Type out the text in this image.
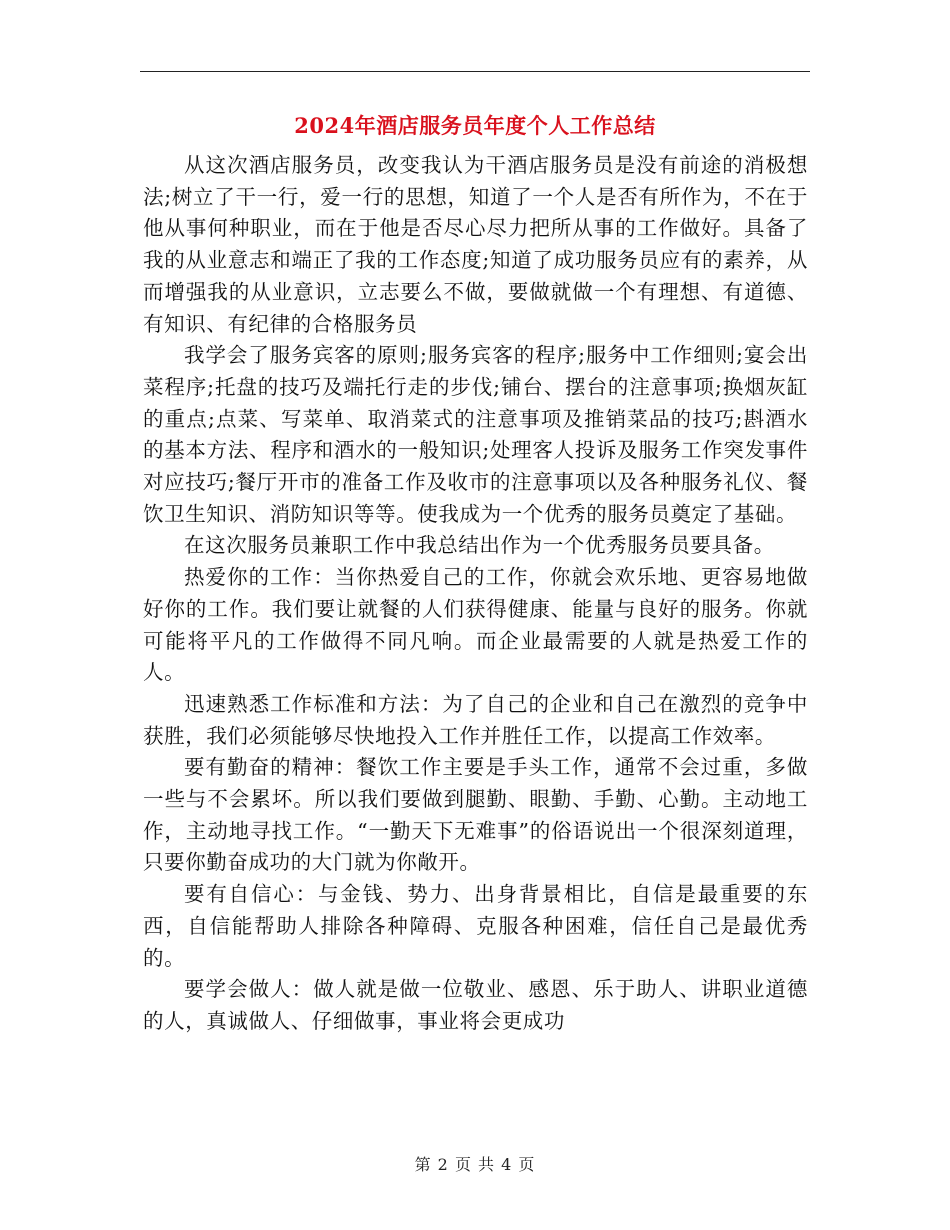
2024年酒店服务员年度个人工作总结

从这次酒店服务员，改变我认为干酒店服务员是没有前途的消极想法;树立了干一行，爱一行的思想，知道了一个人是否有所作为，不在于他从事何种职业，而在于他是否尽心尽力把所从事的工作做好。具备了我的从业意志和端正了我的工作态度;知道了成功服务员应有的素养，从而增强我的从业意识，立志要么不做，要做就做一个有理想、有道德、有知识、有纪律的合格服务员

我学会了服务宾客的原则;服务宾客的程序;服务中工作细则;宴会出菜程序;托盘的技巧及端托行走的步伐;铺台、摆台的注意事项;换烟灰缸的重点;点菜、写菜单、取消菜式的注意事项及推销菜品的技巧;斟酒水的基本方法、程序和酒水的一般知识;处理客人投诉及服务工作突发事件对应技巧;餐厅开市的准备工作及收市的注意事项以及各种服务礼仪、餐饮卫生知识、消防知识等等。使我成为一个优秀的服务员奠定了基础。

在这次服务员兼职工作中我总结出作为一个优秀服务员要具备。

热爱你的工作：当你热爱自己的工作，你就会欢乐地、更容易地做好你的工作。我们要让就餐的人们获得健康、能量与良好的服务。你就可能将平凡的工作做得不同凡响。而企业最需要的人就是热爱工作的人。

迅速熟悉工作标准和方法：为了自己的企业和自己在激烈的竞争中获胜，我们必须能够尽快地投入工作并胜任工作，以提高工作效率。

要有勤奋的精神：餐饮工作主要是手头工作，通常不会过重，多做一些与不会累坏。所以我们要做到腿勤、眼勤、手勤、心勤。主动地工作，主动地寻找工作。“一勤天下无难事”的俗语说出一个很深刻道理，只要你勤奋成功的大门就为你敞开。

要有自信心：与金钱、势力、出身背景相比，自信是最重要的东西，自信能帮助人排除各种障碍、克服各种困难，信任自己是最优秀的。

要学会做人：做人就是做一位敬业、感恩、乐于助人、讲职业道德的人，真诚做人、仔细做事，事业将会更成功

第 2 页 共 4 页
